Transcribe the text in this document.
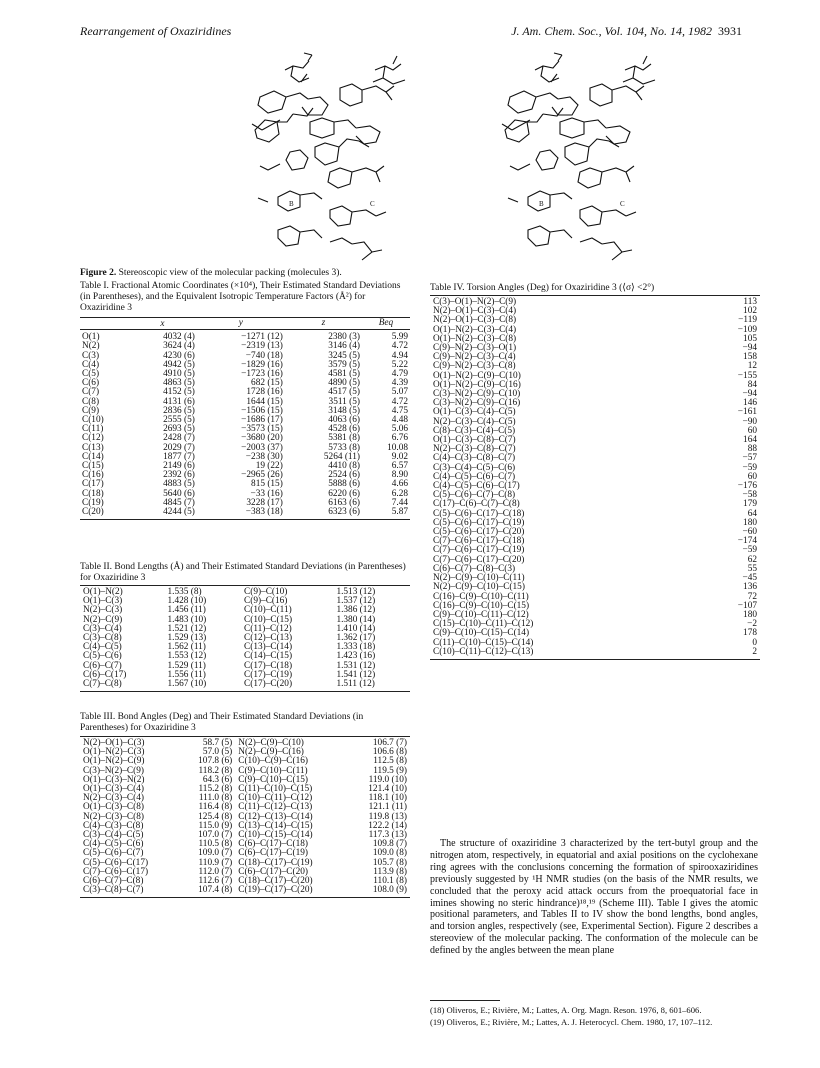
Rearrangement of Oxaziridines	J. Am. Chem. Soc., Vol. 104, No. 14, 1982 3931
B	C	B	C
Figure 2. Stereoscopic view of the molecular packing (molecules 3).
Table I. Fractional Atomic Coordinates (×10⁴), Their Estimated Standard Deviations (in Parentheses), and the Equivalent Isotropic Temperature Factors (Å²) for Oxaziridine 3
	x	y	z	Beq

O(1)	4032 (4)	−1271 (12)	2380 (3)	5.99
N(2)	3624 (4)	−2319 (13)	3146 (4)	4.72
C(3)	4230 (6)	−740 (18)	3245 (5)	4.94
C(4)	4942 (5)	−1829 (16)	3579 (5)	5.22
C(5)	4910 (5)	−1723 (16)	4581 (5)	4.79
C(6)	4863 (5)	682 (15)	4890 (5)	4.39
C(7)	4152 (5)	1728 (16)	4517 (5)	5.07
C(8)	4131 (6)	1644 (15)	3511 (5)	4.72
C(9)	2836 (5)	−1506 (15)	3148 (5)	4.75
C(10)	2555 (5)	−1686 (17)	4063 (6)	4.48
C(11)	2693 (5)	−3573 (15)	4528 (6)	5.06
C(12)	2428 (7)	−3680 (20)	5381 (8)	6.76
C(13)	2029 (7)	−2003 (37)	5733 (8)	10.08
C(14)	1877 (7)	−238 (30)	5264 (11)	9.02
C(15)	2149 (6)	19 (22)	4410 (8)	6.57
C(16)	2392 (6)	−2965 (26)	2524 (6)	8.90
C(17)	4883 (5)	815 (15)	5888 (6)	4.66
C(18)	5640 (6)	−33 (16)	6220 (6)	6.28
C(19)	4845 (7)	3228 (17)	6163 (6)	7.44
C(20)	4244 (5)	−383 (18)	6323 (6)	5.87

Table II. Bond Lengths (Å) and Their Estimated Standard Deviations (in Parentheses) for Oxaziridine 3
O(1)–N(2)	1.535 (8)	C(9)–C(10)	1.513 (12)
O(1)–C(3)	1.428 (10)	C(9)–C(16)	1.537 (12)
N(2)–C(3)	1.456 (11)	C(10)–C(11)	1.386 (12)
N(2)–C(9)	1.483 (10)	C(10)–C(15)	1.380 (14)
C(3)–C(4)	1.521 (12)	C(11)–C(12)	1.410 (14)
C(3)–C(8)	1.529 (13)	C(12)–C(13)	1.362 (17)
C(4)–C(5)	1.562 (11)	C(13)–C(14)	1.333 (18)
C(5)–C(6)	1.553 (12)	C(14)–C(15)	1.423 (16)
C(6)–C(7)	1.529 (11)	C(17)–C(18)	1.531 (12)
C(6)–C(17)	1.556 (11)	C(17)–C(19)	1.541 (12)
C(7)–C(8)	1.567 (10)	C(17)–C(20)	1.511 (12)

Table III. Bond Angles (Deg) and Their Estimated Standard Deviations (in Parentheses) for Oxaziridine 3
N(2)–O(1)–C(3)	58.7 (5)	N(2)–C(9)–C(10)	106.7 (7)
O(1)–N(2)–C(3)	57.0 (5)	N(2)–C(9)–C(16)	106.6 (8)
O(1)–N(2)–C(9)	107.8 (6)	C(10)–C(9)–C(16)	112.5 (8)
C(3)–N(2)–C(9)	118.2 (8)	C(9)–C(10)–C(11)	119.5 (9)
O(1)–C(3)–N(2)	64.3 (6)	C(9)–C(10)–C(15)	119.0 (10)
O(1)–C(3)–C(4)	115.2 (8)	C(11)–C(10)–C(15)	121.4 (10)
N(2)–C(3)–C(4)	111.0 (8)	C(10)–C(11)–C(12)	118.1 (10)
O(1)–C(3)–C(8)	116.4 (8)	C(11)–C(12)–C(13)	121.1 (11)
N(2)–C(3)–C(8)	125.4 (8)	C(12)–C(13)–C(14)	119.8 (13)
C(4)–C(3)–C(8)	115.0 (9)	C(13)–C(14)–C(15)	122.2 (14)
C(3)–C(4)–C(5)	107.0 (7)	C(10)–C(15)–C(14)	117.3 (13)
C(4)–C(5)–C(6)	110.5 (8)	C(6)–C(17)–C(18)	109.8 (7)
C(5)–C(6)–C(7)	109.0 (7)	C(6)–C(17)–C(19)	109.0 (8)
C(5)–C(6)–C(17)	110.9 (7)	C(18)–C(17)–C(19)	105.7 (8)
C(7)–C(6)–C(17)	112.0 (7)	C(6)–C(17)–C(20)	113.9 (8)
C(6)–C(7)–C(8)	112.6 (7)	C(18)–C(17)–C(20)	110.1 (8)
C(3)–C(8)–C(7)	107.4 (8)	C(19)–C(17)–C(20)	108.0 (9)

Table IV. Torsion Angles (Deg) for Oxaziridine 3 (⟨σ⟩ <2°)
C(3)–O(1)–N(2)–C(9)	113
N(2)–O(1)–C(3)–C(4)	102
N(2)–O(1)–C(3)–C(8)	−119
O(1)–N(2)–C(3)–C(4)	−109
O(1)–N(2)–C(3)–C(8)	105
C(9)–N(2)–C(3)–O(1)	−94
C(9)–N(2)–C(3)–C(4)	158
C(9)–N(2)–C(3)–C(8)	12
O(1)–N(2)–C(9)–C(10)	−155
O(1)–N(2)–C(9)–C(16)	84
C(3)–N(2)–C(9)–C(10)	−94
C(3)–N(2)–C(9)–C(16)	146
O(1)–C(3)–C(4)–C(5)	−161
N(2)–C(3)–C(4)–C(5)	−90
C(8)–C(3)–C(4)–C(5)	60
O(1)–C(3)–C(8)–C(7)	164
N(2)–C(3)–C(8)–C(7)	88
C(4)–C(3)–C(8)–C(7)	−57
C(3)–C(4)–C(5)–C(6)	−59
C(4)–C(5)–C(6)–C(7)	60
C(4)–C(5)–C(6)–C(17)	−176
C(5)–C(6)–C(7)–C(8)	−58
C(17)–C(6)–C(7)–C(8)	179
C(5)–C(6)–C(17)–C(18)	64
C(5)–C(6)–C(17)–C(19)	180
C(5)–C(6)–C(17)–C(20)	−60
C(7)–C(6)–C(17)–C(18)	−174
C(7)–C(6)–C(17)–C(19)	−59
C(7)–C(6)–C(17)–C(20)	62
C(6)–C(7)–C(8)–C(3)	55
N(2)–C(9)–C(10)–C(11)	−45
N(2)–C(9)–C(10)–C(15)	136
C(16)–C(9)–C(10)–C(11)	72
C(16)–C(9)–C(10)–C(15)	−107
C(9)–C(10)–C(11)–C(12)	180
C(15)–C(10)–C(11)–C(12)	−2
C(9)–C(10)–C(15)–C(14)	178
C(11)–C(10)–C(15)–C(14)	0
C(10)–C(11)–C(12)–C(13)	2

The structure of oxaziridine 3 characterized by the tert-butyl group and the nitrogen atom, respectively, in equatorial and axial positions on the cyclohexane ring agrees with the conclusions concerning the formation of spirooxaziridines previously suggested by ¹H NMR studies (on the basis of the NMR results, we concluded that the peroxy acid attack occurs from the proequatorial face in imines showing no steric hindrance)¹⁸,¹⁹ (Scheme III). Table I gives the atomic positional parameters, and Tables II to IV show the bond lengths, bond angles, and torsion angles, respectively (see, Experimental Section). Figure 2 describes a stereoview of the molecular packing. The conformation of the molecule can be defined by the angles between the mean plane

(18) Oliveros, E.; Rivière, M.; Lattes, A. Org. Magn. Reson. 1976, 8, 601–606.

(19) Oliveros, E.; Rivière, M.; Lattes, A. J. Heterocycl. Chem. 1980, 17, 107–112.
